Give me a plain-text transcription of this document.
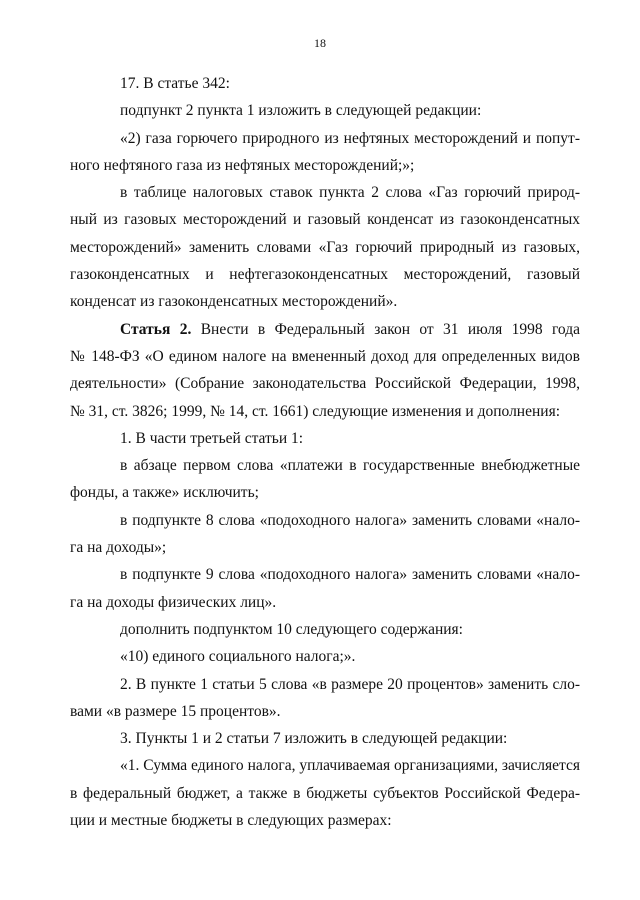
18
17. В статье 342:
подпункт 2 пункта 1 изложить в следующей редакции:
«2) газа горючего природного из нефтяных месторождений и попут-
ного нефтяного газа из нефтяных месторождений;»;
в таблице налоговых ставок пункта 2 слова «Газ горючий природ-
ный из газовых месторождений и газовый конденсат из газоконденсатных
месторождений» заменить словами «Газ горючий природный из газовых,
газоконденсатных и нефтегазоконденсатных месторождений, газовый
конденсат из газоконденсатных месторождений».
Статья 2. Внести в Федеральный закон от 31 июля 1998 года
№ 148-ФЗ «О едином налоге на вмененный доход для определенных видов
деятельности» (Собрание законодательства Российской Федерации, 1998,
№ 31, ст. 3826; 1999, № 14, ст. 1661) следующие изменения и дополнения:
1. В части третьей статьи 1:
в абзаце первом слова «платежи в государственные внебюджетные
фонды, а также» исключить;
в подпункте 8 слова «подоходного налога» заменить словами «нало-
га на доходы»;
в подпункте 9 слова «подоходного налога» заменить словами «нало-
га на доходы физических лиц».
дополнить подпунктом 10 следующего содержания:
«10) единого социального налога;».
2. В пункте 1 статьи 5 слова «в размере 20 процентов» заменить сло-
вами «в размере 15 процентов».
3. Пункты 1 и 2 статьи 7 изложить в следующей редакции:
«1. Сумма единого налога, уплачиваемая организациями, зачисляется
в федеральный бюджет, а также в бюджеты субъектов Российской Федера-
ции и местные бюджеты в следующих размерах:
